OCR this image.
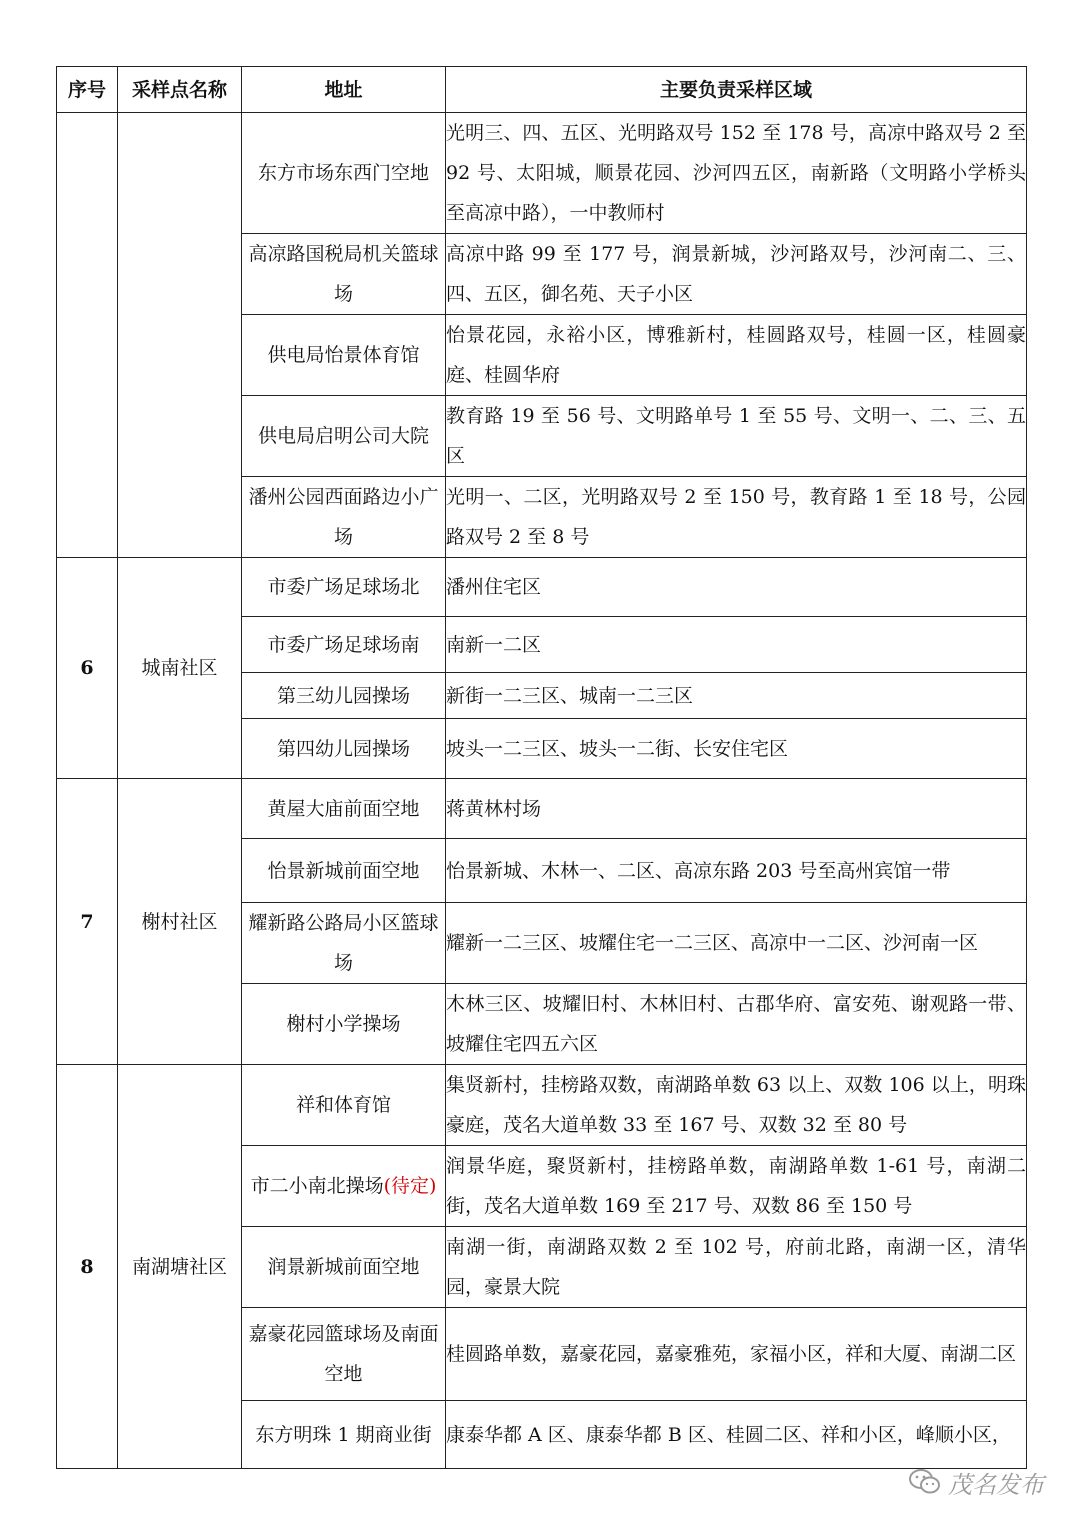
序号	采样点名称	地址	主要负责采样区域
		东方市场东西门空地	光明三、四、五区、光明路双号 152 至 178 号，高凉中路双号 2 至 92 号、太阳城，顺景花园、沙河四五区，南新路（文明路小学桥头至高凉中路），一中教师村
		高凉路国税局机关篮球场	高凉中路 99 至 177 号，润景新城，沙河路双号，沙河南二、三、四、五区，御名苑、天子小区
		供电局怡景体育馆	怡景花园，永裕小区，博雅新村，桂圆路双号，桂圆一区，桂圆豪庭、桂圆华府
		供电局启明公司大院	教育路 19 至 56 号、文明路单号 1 至 55 号、文明一、二、三、五区
		潘州公园西面路边小广场	光明一、二区，光明路双号 2 至 150 号，教育路 1 至 18 号，公园路双号 2 至 8 号
6	城南社区	市委广场足球场北	潘州住宅区
		市委广场足球场南	南新一二区
		第三幼儿园操场	新街一二三区、城南一二三区
		第四幼儿园操场	坡头一二三区、坡头一二街、长安住宅区
7	榭村社区	黄屋大庙前面空地	蒋黄林村场
		怡景新城前面空地	怡景新城、木林一、二区、高凉东路 203 号至高州宾馆一带
		耀新路公路局小区篮球场	耀新一二三区、坡耀住宅一二三区、高凉中一二区、沙河南一区
		榭村小学操场	木林三区、坡耀旧村、木林旧村、古郡华府、富安苑、谢观路一带、坡耀住宅四五六区
8	南湖塘社区	祥和体育馆	集贤新村，挂榜路双数，南湖路单数 63 以上、双数 106 以上，明珠豪庭，茂名大道单数 33 至 167 号、双数 32 至 80 号
		市二小南北操场(待定)	润景华庭，聚贤新村，挂榜路单数，南湖路单数 1-61 号，南湖二街，茂名大道单数 169 至 217 号、双数 86 至 150 号
		润景新城前面空地	南湖一街，南湖路双数 2 至 102 号，府前北路，南湖一区，清华园，豪景大院
		嘉豪花园篮球场及南面空地	桂圆路单数，嘉豪花园，嘉豪雅苑，家福小区，祥和大厦、南湖二区
		东方明珠 1 期商业街	康泰华都 A 区、康泰华都 B 区、桂圆二区、祥和小区，峰顺小区，
茂名发布
